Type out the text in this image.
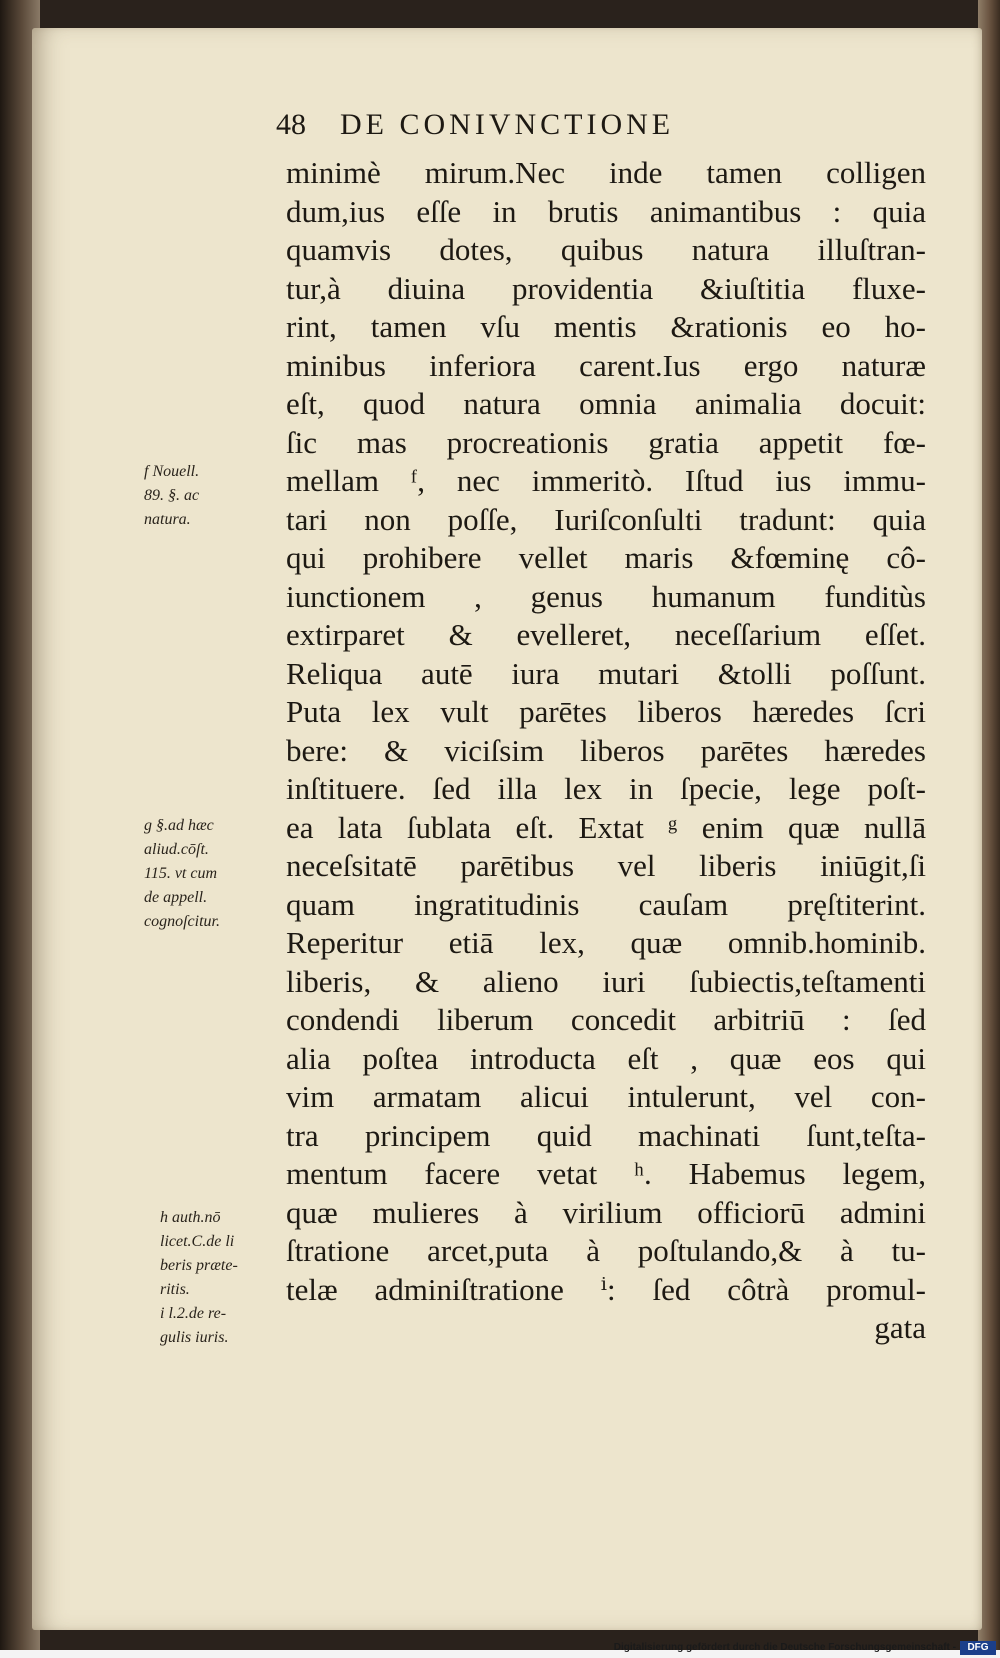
48 DE CONIVNCTIONE
minimè mirum.Nec inde tamen colligen
dum,ius eſſe in brutis animantibus : quia
quamvis dotes, quibus natura illuſtran-
tur,à diuina providentia &iuſtitia fluxe-
rint, tamen vſu mentis &rationis eo ho-
minibus inferiora carent.Ius ergo naturæ
eſt, quod natura omnia animalia docuit:
ſic mas procreationis gratia appetit fœ-
mellam ᶠ, nec immeritò. Iſtud ius immu-
tari non poſſe, Iuriſconſulti tradunt: quia
qui prohibere vellet maris &fœminę cô-
iunctionem , genus humanum funditùs
extirparet & evelleret, neceſſarium eſſet.
Reliqua autē iura mutari &tolli poſſunt.
Puta lex vult parētes liberos hæredes ſcri
bere: & viciſsim liberos parētes hæredes
inſtituere. ſed illa lex in ſpecie, lege poſt-
ea lata ſublata eſt. Extat ᵍ enim quæ nullā
neceſsitatē parētibus vel liberis iniūgit,ſi
quam ingratitudinis cauſam pręſtiterint.
Reperitur etiā lex, quæ omnib.hominib.
liberis, & alieno iuri ſubiectis,teſtamenti
condendi liberum concedit arbitriū : ſed
alia poſtea introducta eſt , quæ eos qui
vim armatam alicui intulerunt, vel con-
tra principem quid machinati ſunt,teſta-
mentum facere vetat ʰ. Habemus legem,
quæ mulieres à virilium officiorū admini
ſtratione arcet,puta à poſtulando,& à tu-
telæ adminiſtratione ⁱ: ſed côtrà promul-
gata
f Nouell.
89. §. ac
natura.
g §.ad hæc
aliud.cōſt.
115. vt cum
de appell.
cognoſcitur.
h auth.nō
licet.C.de li
beris præte-
ritis.
i l.2.de re-
gulis iuris.
Digitalisierung gefördert durch die Deutsche Forschungsgemeinschaft -	DFG
